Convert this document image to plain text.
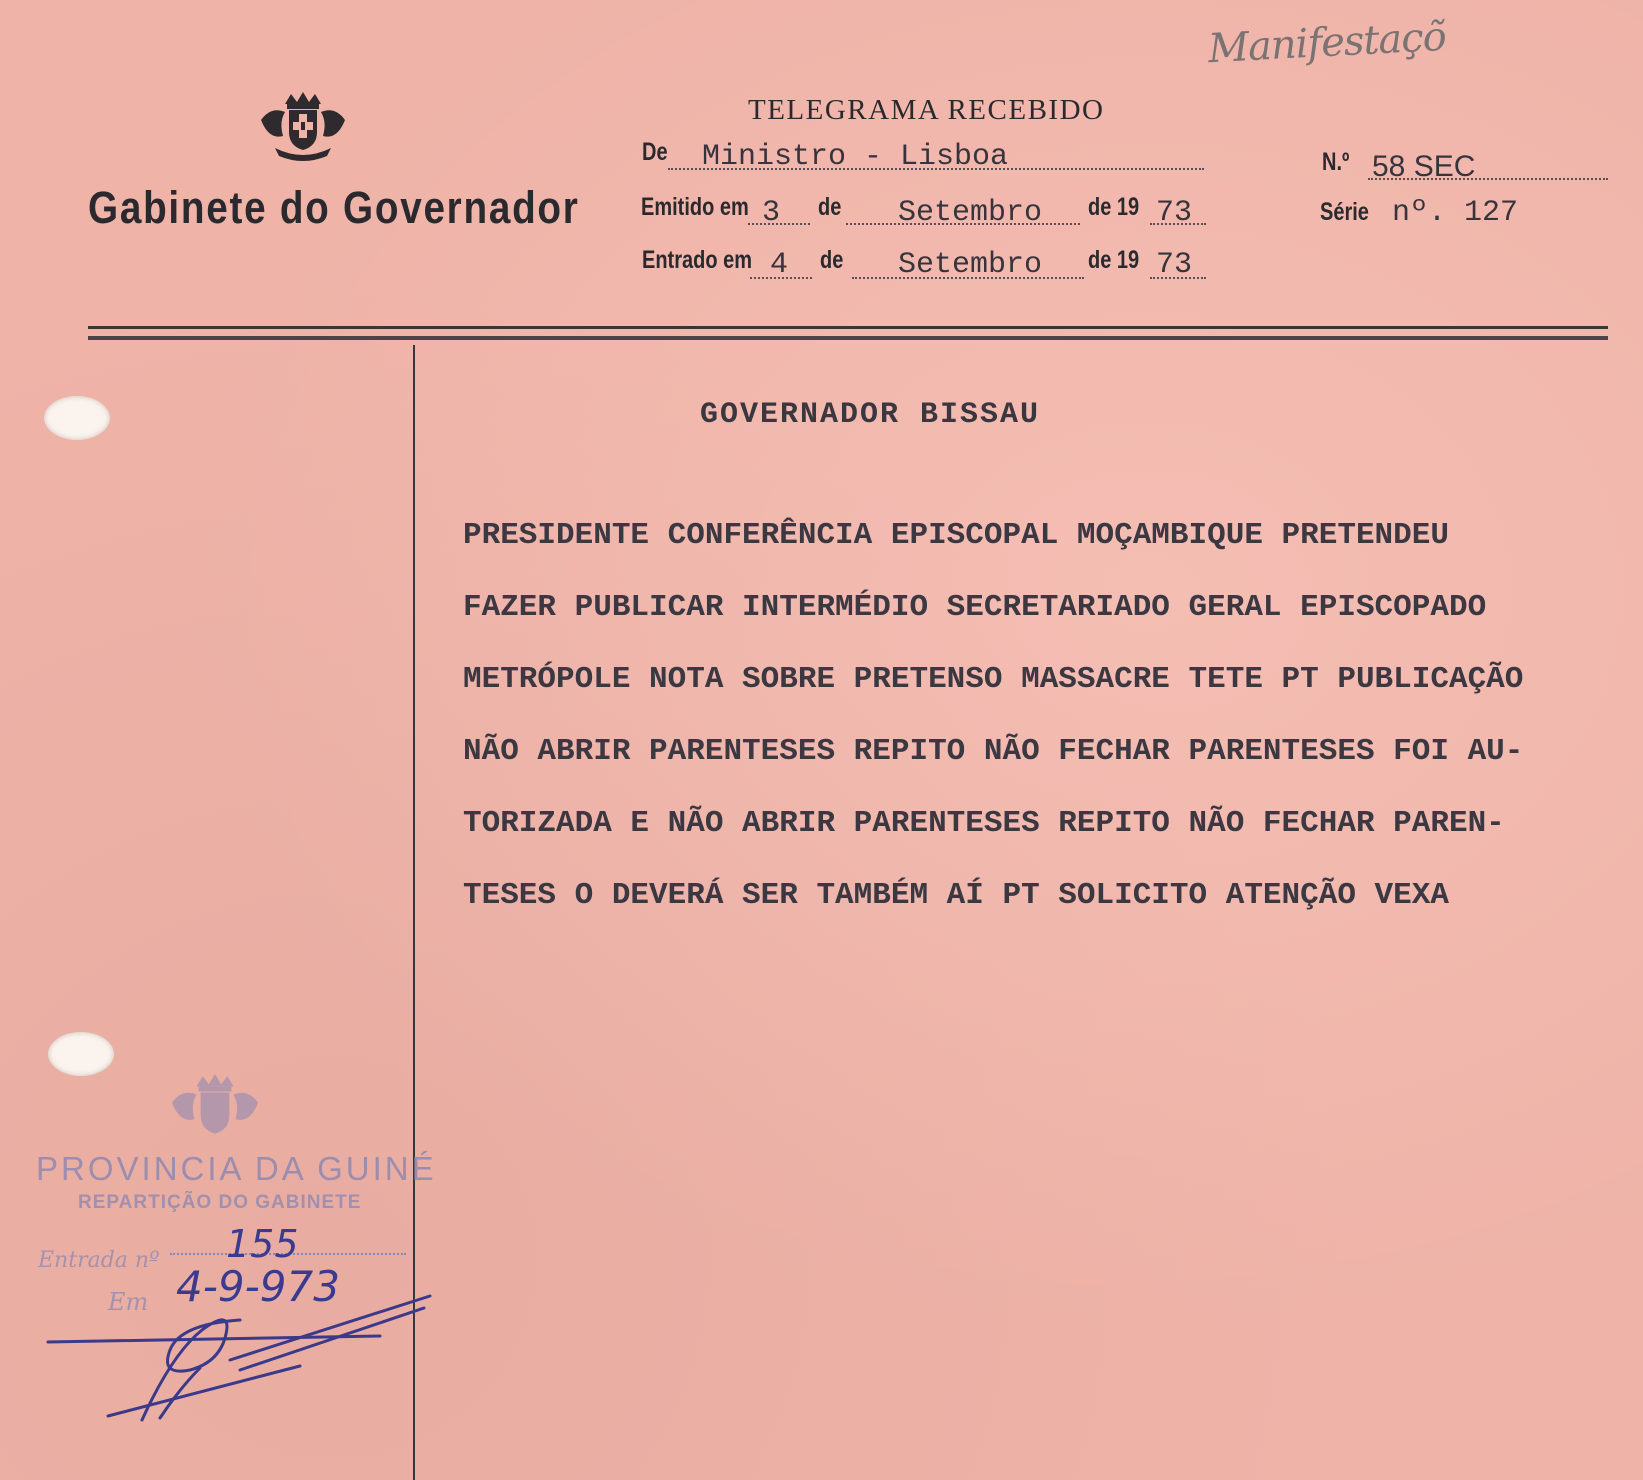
Manifestaçõ
Gabinete do Governador
TELEGRAMA RECEBIDO
De Ministro - Lisboa	N.º 58 SEC
Emitido em 3 de Setembro de 19 73	Série nº. 127
Entrado em 4 de Setembro de 19 73
GOVERNADOR BISSAU
PRESIDENTE CONFERÊNCIA EPISCOPAL MOÇAMBIQUE PRETENDEU
FAZER PUBLICAR INTERMÉDIO SECRETARIADO GERAL EPISCOPADO
METRÓPOLE NOTA SOBRE PRETENSO MASSACRE TETE PT PUBLICAÇÃO
NÃO ABRIR PARENTESES REPITO NÃO FECHAR PARENTESES FOI AU-
TORIZADA E NÃO ABRIR PARENTESES REPITO NÃO FECHAR PAREN-
TESES O DEVERÁ SER TAMBÉM AÍ PT SOLICITO ATENÇÃO VEXA
PROVINCIA DA GUINÉ
REPARTIÇÃO DO GABINETE
Entrada nº 155
Em 4-9-973
